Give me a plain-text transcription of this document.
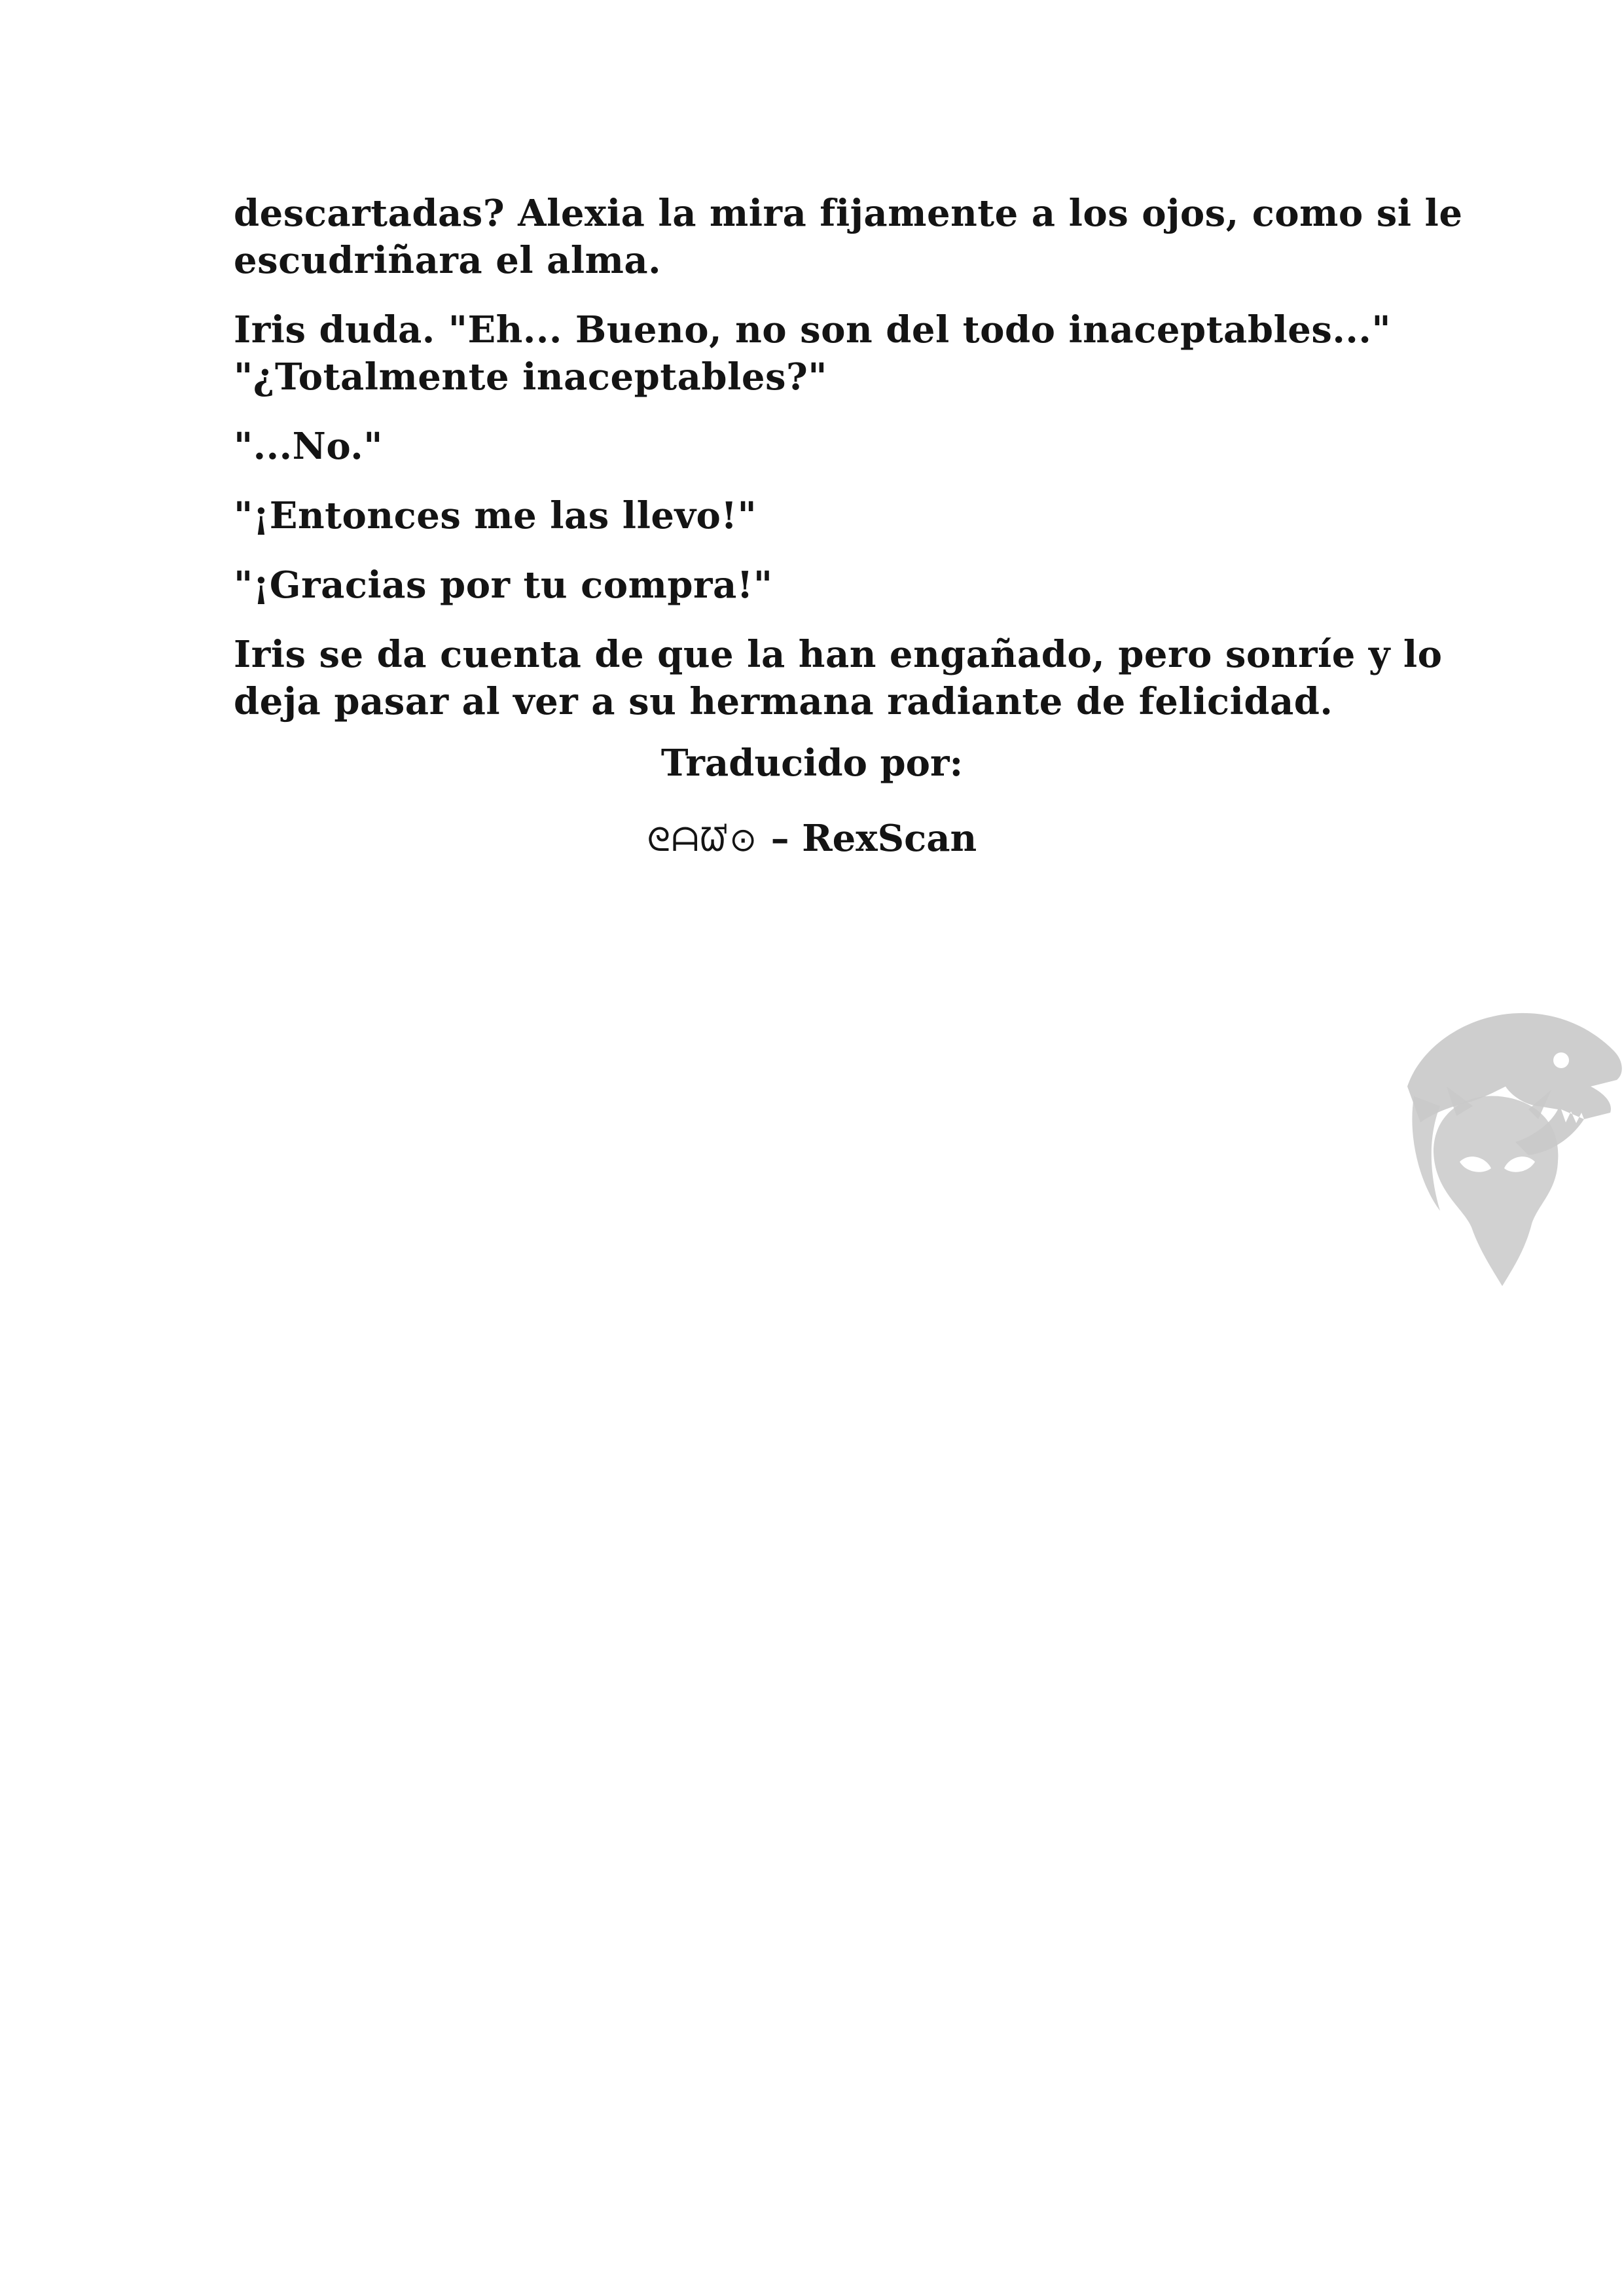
descartadas? Alexia la mira fijamente a los ojos, como si le
escudriñara el alma.

Iris duda. "Eh... Bueno, no son del todo inaceptables..."
"¿Totalmente inaceptables?"

"...No."

"¡Entonces me las llevo!"

"¡Gracias por tu compra!"

Iris se da cuenta de que la han engañado, pero sonríe y lo
deja pasar al ver a su hermana radiante de felicidad.

Traducido por:
ᘓᗩᘺ⊙ – RexScan
